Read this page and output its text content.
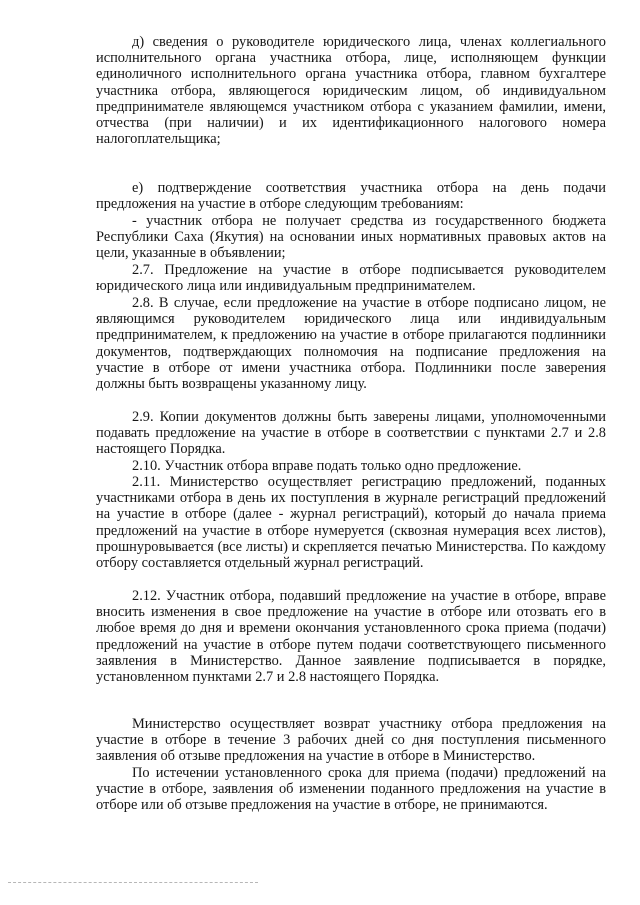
д) сведения о руководителе юридического лица, членах коллегиального исполнительного органа участника отбора, лице, исполняющем функции единоличного исполнительного органа участника отбора, главном бухгалтере участника отбора, являющегося юридическим лицом, об индивидуальном предпринимателе являющемся участником отбора с указанием фамилии, имени, отчества (при наличии) и их идентификационного налогового номера налогоплательщика;

е) подтверждение соответствия участника отбора на день подачи предложения на участие в отборе следующим требованиям:

- участник отбора не получает средства из государственного бюджета Республики Саха (Якутия) на основании иных нормативных правовых актов на цели, указанные в объявлении;

2.7. Предложение на участие в отборе подписывается руководителем юридического лица или индивидуальным предпринимателем.

2.8. В случае, если предложение на участие в отборе подписано лицом, не являющимся руководителем юридического лица или индивидуальным предпринимателем, к предложению на участие в отборе прилагаются подлинники документов, подтверждающих полномочия на подписание предложения на участие в отборе от имени участника отбора. Подлинники после заверения должны быть возвращены указанному лицу.

2.9. Копии документов должны быть заверены лицами, уполномоченными подавать предложение на участие в отборе в соответствии с пунктами 2.7 и 2.8 настоящего Порядка.

2.10. Участник отбора вправе подать только одно предложение.

2.11. Министерство осуществляет регистрацию предложений, поданных участниками отбора в день их поступления в журнале регистраций предложений на участие в отборе (далее - журнал регистраций), который до начала приема предложений на участие в отборе нумеруется (сквозная нумерация всех листов), прошнуровывается (все листы) и скрепляется печатью Министерства. По каждому отбору составляется отдельный журнал регистраций.

2.12. Участник отбора, подавший предложение на участие в отборе, вправе вносить изменения в свое предложение на участие в отборе или отозвать его в любое время до дня и времени окончания установленного срока приема (подачи) предложений на участие в отборе путем подачи соответствующего письменного заявления в Министерство. Данное заявление подписывается в порядке, установленном пунктами 2.7 и 2.8 настоящего Порядка.

Министерство осуществляет возврат участнику отбора предложения на участие в отборе в течение 3 рабочих дней со дня поступления письменного заявления об отзыве предложения на участие в отборе в Министерство.

По истечении установленного срока для приема (подачи) предложений на участие в отборе, заявления об изменении поданного предложения на участие в отборе или об отзыве предложения на участие в отборе, не принимаются.
